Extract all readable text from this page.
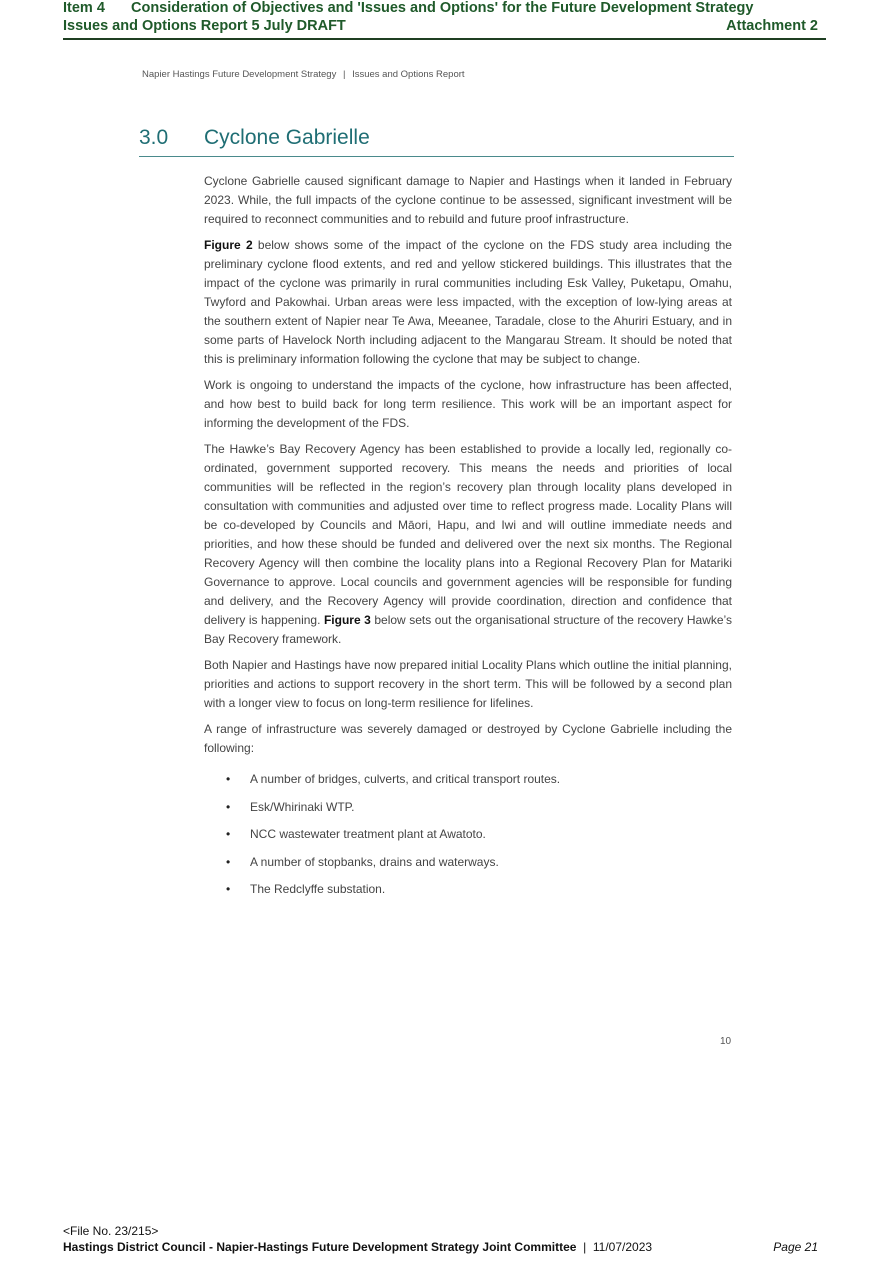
Item 4 Consideration of Objectives and 'Issues and Options' for the Future Development Strategy
Issues and Options Report 5 July DRAFT	Attachment 2
Napier Hastings Future Development Strategy | Issues and Options Report
3.0 Cyclone Gabrielle

Cyclone Gabrielle caused significant damage to Napier and Hastings when it landed in February 2023. While, the full impacts of the cyclone continue to be assessed, significant investment will be required to reconnect communities and to rebuild and future proof infrastructure.

Figure 2 below shows some of the impact of the cyclone on the FDS study area including the preliminary cyclone flood extents, and red and yellow stickered buildings. This illustrates that the impact of the cyclone was primarily in rural communities including Esk Valley, Puketapu, Omahu, Twyford and Pakowhai. Urban areas were less impacted, with the exception of low-lying areas at the southern extent of Napier near Te Awa, Meeanee, Taradale, close to the Ahuriri Estuary, and in some parts of Havelock North including adjacent to the Mangarau Stream. It should be noted that this is preliminary information following the cyclone that may be subject to change.

Work is ongoing to understand the impacts of the cyclone, how infrastructure has been affected, and how best to build back for long term resilience. This work will be an important aspect for informing the development of the FDS.

The Hawke’s Bay Recovery Agency has been established to provide a locally led, regionally co-ordinated, government supported recovery. This means the needs and priorities of local communities will be reflected in the region’s recovery plan through locality plans developed in consultation with communities and adjusted over time to reflect progress made. Locality Plans will be co-developed by Councils and Māori, Hapu, and Iwi and will outline immediate needs and priorities, and how these should be funded and delivered over the next six months. The Regional Recovery Agency will then combine the locality plans into a Regional Recovery Plan for Matariki Governance to approve. Local councils and government agencies will be responsible for funding and delivery, and the Recovery Agency will provide coordination, direction and confidence that delivery is happening. Figure 3 below sets out the organisational structure of the recovery Hawke’s Bay Recovery framework.

Both Napier and Hastings have now prepared initial Locality Plans which outline the initial planning, priorities and actions to support recovery in the short term. This will be followed by a second plan with a longer view to focus on long-term resilience for lifelines.

A range of infrastructure was severely damaged or destroyed by Cyclone Gabrielle including the following:

• A number of bridges, culverts, and critical transport routes.
• Esk/Whirinaki WTP.
• NCC wastewater treatment plant at Awatoto.
• A number of stopbanks, drains and waterways.
• The Redclyffe substation.
10
<File No. 23/215>
Hastings District Council - Napier-Hastings Future Development Strategy Joint Committee | 11/07/2023	Page 21
